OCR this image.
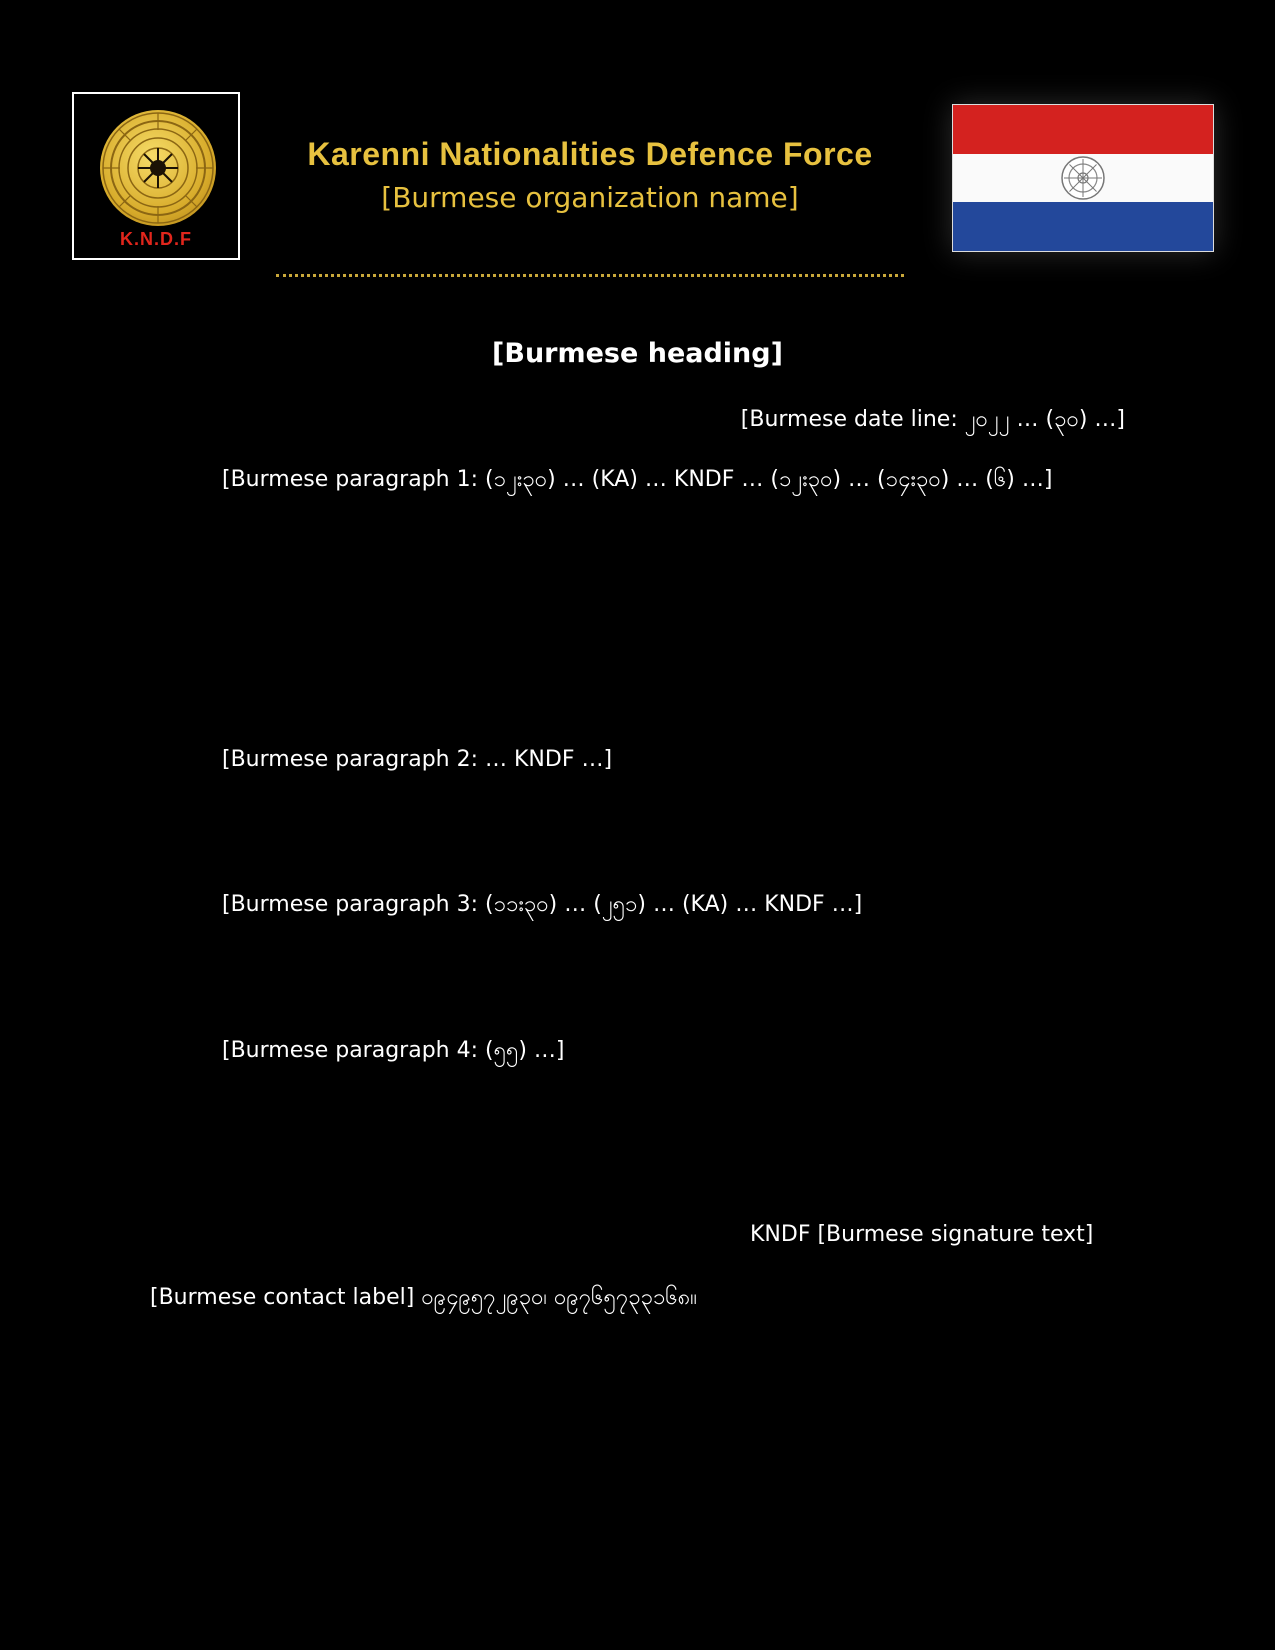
K.N.D.F
Karenni Nationalities Defence Force
[Burmese organization name]
[Burmese heading]
[Burmese date line: ၂၀၂၂ … (၃၀) …]
[Burmese paragraph 1: (၁၂း၃၀) … (KA) … KNDF … (၁၂း၃၀) … (၁၄း၃၀) … (၆) …]
[Burmese paragraph 2: … KNDF …]
[Burmese paragraph 3: (၁၁း၃၀) … (၂၅၁) … (KA) … KNDF …]
[Burmese paragraph 4: (၅၅) …]
KNDF [Burmese signature text]
[Burmese contact label] ၀၉၄၉၅၇၂၉၃၀၊ ၀၉၇၆၅၇၃၃၁၆၈။
